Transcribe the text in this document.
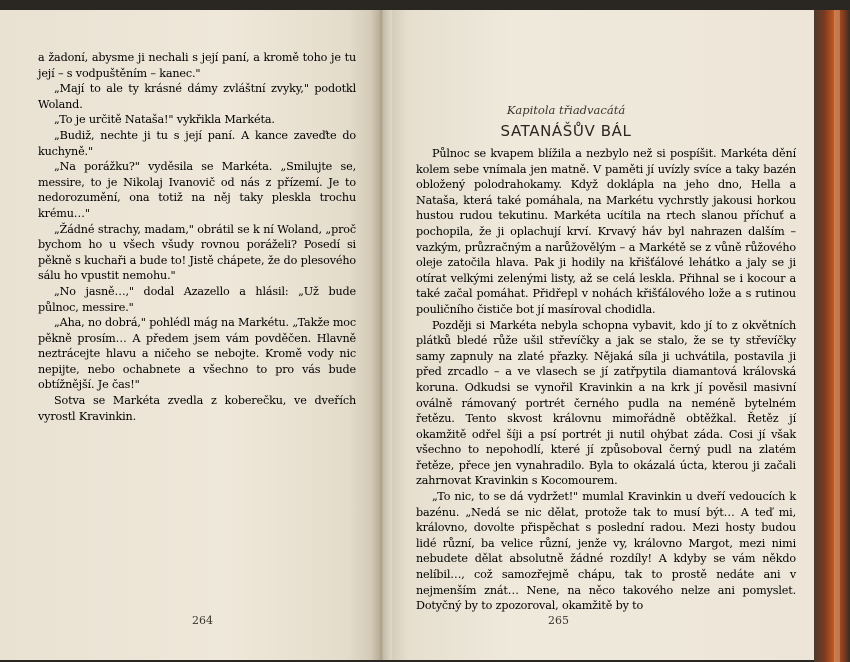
a žadoní, abysme ji nechali s její paní, a kromě toho je tu její – s vodpuštěním – kanec."

„Mají to ale ty krásné dámy zvláštní zvyky," podotkl Woland.

„To je určitě Nataša!" vykřikla Markéta.

„Budiž, nechte ji tu s její paní. A kance zaveďte do kuchyně."

„Na porážku?" vyděsila se Markéta. „Smilujte se, messire, to je Nikolaj Ivanovič od nás z přízemí. Je to nedorozumění, ona totiž na něj taky pleskla trochu krému…"

„Žádné strachy, madam," obrátil se k ní Woland, „proč bychom ho u všech všudy rovnou poráželi? Posedí si pěkně s kuchaři a bude to! Jistě chápete, že do plesového sálu ho vpustit nemohu."

„No jasně…," dodal Azazello a hlásil: „Už bude půlnoc, messire."

„Aha, no dobrá," pohlédl mág na Markétu. „Takže moc pěkně prosím… A předem jsem vám povděčen. Hlavně neztrácejte hlavu a ničeho se nebojte. Kromě vody nic nepijte, nebo ochabnete a všechno to pro vás bude obtížnější. Je čas!"

Sotva se Markéta zvedla z koberečku, ve dveřích vyrostl Kravinkin.

Kapitola třiadvacátá
SATANÁŠŮV BÁL

Půlnoc se kvapem blížila a nezbylo než si pospíšit. Markéta dění kolem sebe vnímala jen matně. V paměti jí uvízly svíce a taky bazén obložený polodrahokamy. Když doklápla na jeho dno, Hella a Nataša, která také pomáhala, na Markétu vychrstly jakousi horkou hustou rudou tekutinu. Markéta ucítila na rtech slanou příchuť a pochopila, že ji oplachují krví. Krvavý háv byl nahrazen dalším – vazkým, průzračným a narůžovělým – a Markétě se z vůně růžového oleje zatočila hlava. Pak ji hodily na křišťálové lehátko a jaly se ji otírat velkými zelenými listy, až se celá leskla. Přihnal se i kocour a také začal pomáhat. Přidřepl v nohách křišťálového lože a s rutinou pouličního čističe bot jí masíroval chodidla.

Později si Markéta nebyla schopna vybavit, kdo jí to z okvětních plátků bledé růže ušil střevíčky a jak se stalo, že se ty střevíčky samy zapnuly na zlaté přazky. Nějaká síla ji uchvátila, postavila ji před zrcadlo – a ve vlasech se jí zatřpytila diamantová královská koruna. Odkudsi se vynořil Kravinkin a na krk jí pověsil masivní oválně rámovaný portrét černého pudla na neméně bytelném řetězu. Tento skvost královnu mimořádně obtěžkal. Řetěz jí okamžitě odřel šíji a psí portrét ji nutil ohýbat záda. Cosi jí však všechno to nepohodlí, které jí způsoboval černý pudl na zlatém řetěze, přece jen vynahradilo. Byla to okázalá úcta, kterou ji začali zahrnovat Kravinkin s Kocomourem.

„To nic, to se dá vydržet!" mumlal Kravinkin u dveří vedoucích k bazénu. „Nedá se nic dělat, protože tak to musí být… A teď mi, královno, dovolte přispěchat s poslední radou. Mezi hosty budou lidé různí, ba velice různí, jenže vy, královno Margot, mezi nimi nebudete dělat absolutně žádné rozdíly! A kdyby se vám někdo nelíbil…, což samozřejmě chápu, tak to prostě nedáte ani v nejmenším znát… Nene, na něco takového nelze ani pomyslet. Dotyčný by to zpozoroval, okamžitě by to

264	265
